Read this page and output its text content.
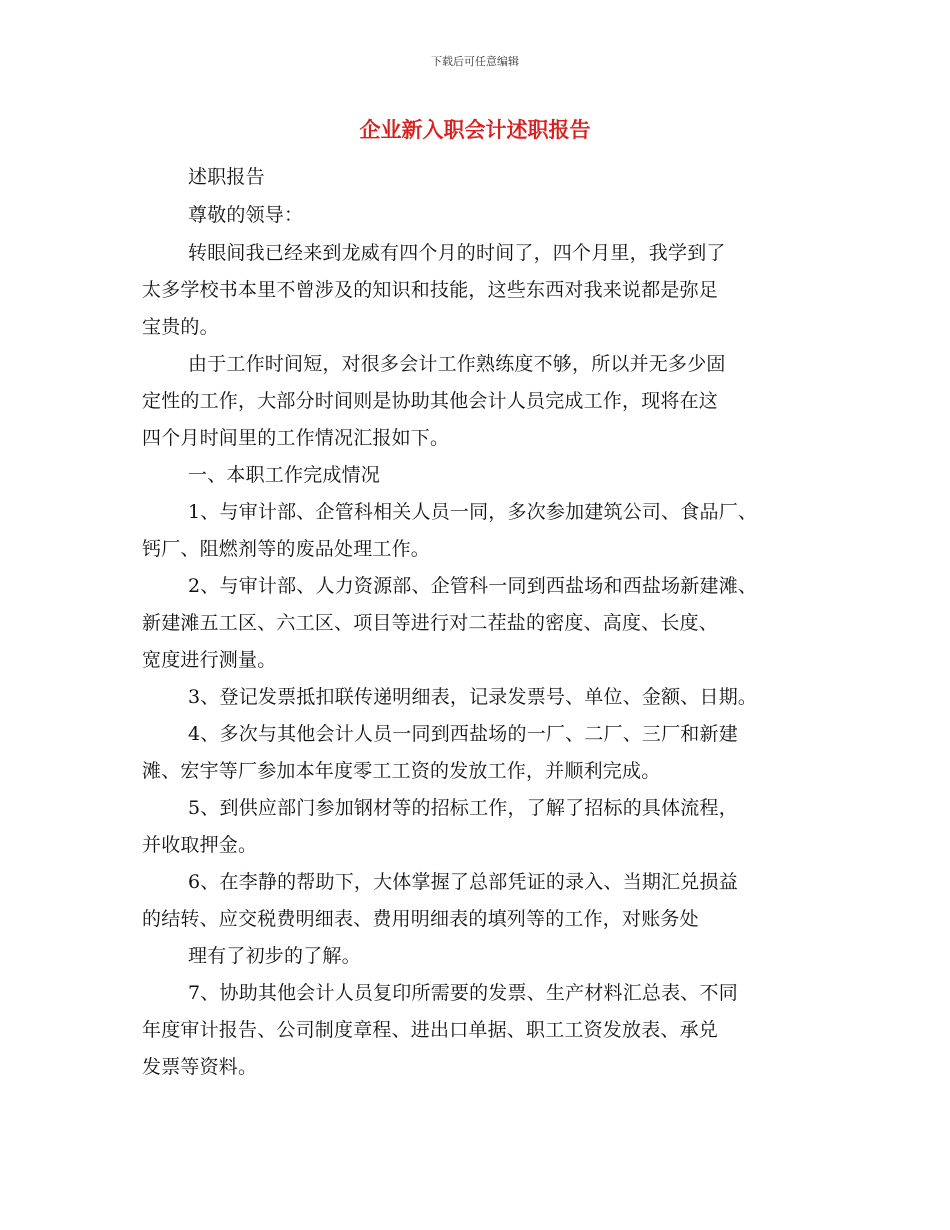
下载后可任意编辑
企业新入职会计述职报告
述职报告
尊敬的领导：
转眼间我已经来到龙威有四个月的时间了，四个月里，我学到了
太多学校书本里不曾涉及的知识和技能，这些东西对我来说都是弥足
宝贵的。
由于工作时间短，对很多会计工作熟练度不够，所以并无多少固
定性的工作，大部分时间则是协助其他会计人员完成工作，现将在这
四个月时间里的工作情况汇报如下。
一、本职工作完成情况
1、与审计部、企管科相关人员一同，多次参加建筑公司、食品厂、
钙厂、阻燃剂等的废品处理工作。
2、与审计部、人力资源部、企管科一同到西盐场和西盐场新建滩、
新建滩五工区、六工区、项目等进行对二茬盐的密度、高度、长度、
宽度进行测量。
3、登记发票抵扣联传递明细表，记录发票号、单位、金额、日期。
4、多次与其他会计人员一同到西盐场的一厂、二厂、三厂和新建
滩、宏宇等厂参加本年度零工工资的发放工作，并顺利完成。
5、到供应部门参加钢材等的招标工作，了解了招标的具体流程，
并收取押金。
6、在李静的帮助下，大体掌握了总部凭证的录入、当期汇兑损益
的结转、应交税费明细表、费用明细表的填列等的工作，对账务处
理有了初步的了解。
7、协助其他会计人员复印所需要的发票、生产材料汇总表、不同
年度审计报告、公司制度章程、进出口单据、职工工资发放表、承兑
发票等资料。
